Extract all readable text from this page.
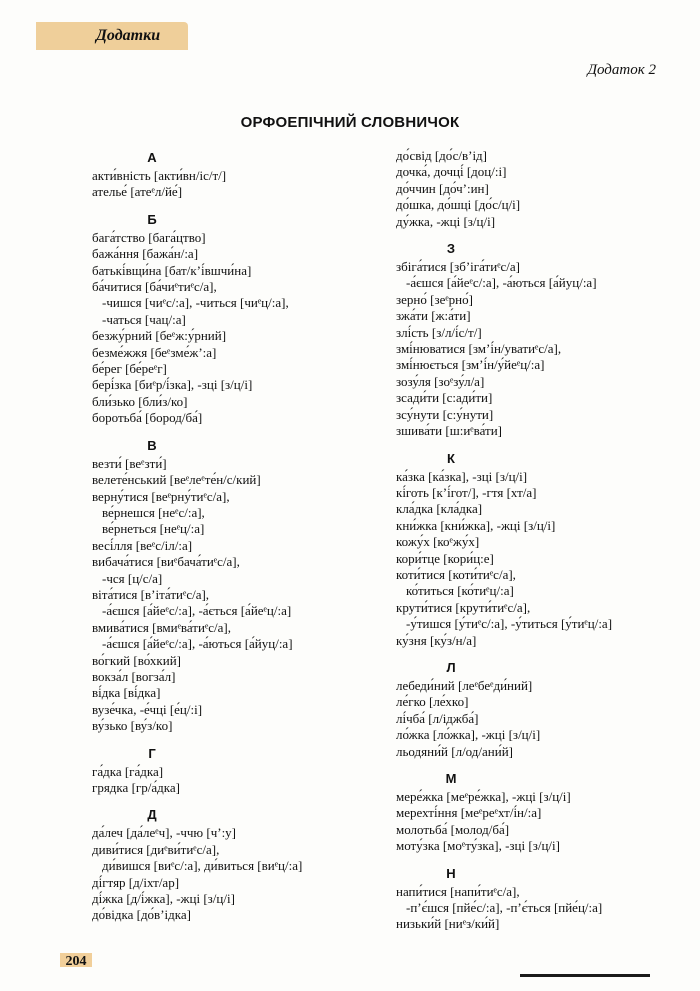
Додатки
Додаток 2
ОРФОЕПІЧНИЙ СЛОВНИЧОК
А
акти́вність [акти́вн/іс/т/]
ателье́ [атеᵉл/йе́]
Б
бага́тство [бага́цтво]
бажа́ння [бажа́н/:а]
батькі́вщи́на [бат/к’і́вшчи́на]
ба́читися [ба́чиᵉтиᵉс/а],
-чишся [чиᵉс/:а], -читься [чиᵉц/:а],
-чаться [чац/:а]
безжу́рний [беᵉж:у́рний]
безме́жжя [беᵉзме́ж’:а]
бе́рег [бе́реᵉг]
бері́зка [биᵉр/і́зка], -зці [з/ц/і]
бли́зько [бли́з/ко]
боротьба́ [бород/ба́]
В
везти́ [веᵉзти́]
велете́нський [веᵉлеᵉте́н/с/кий]
верну́тися [веᵉрну́тиᵉс/а],
ве́рнешся [неᵉс/:а],
ве́рнеться [неᵉц/:а]
весі́лля [веᵉс/іл/:а]
вибача́тися [виᵉбача́тиᵉс/а],
-чся [ц/с/а]
віта́тися [в’іта́тиᵉс/а],
-а́єшся [а́йеᵉс/:а], -а́ється [а́йеᵉц/:а]
вмива́тися [вмиᵉва́тиᵉс/а],
-а́єшся [а́йеᵉс/:а], -а́ються [а́йуц/:а]
во́гкий [во́хкий]
вокза́л [вогза́л]
ві́дка [ві́дка]
вузе́чка, -е́чці [е́ц/:і]
ву́зько [ву́з/ко]
Г
га́дка [га́дка]
грядка [гр/а́дка]
Д
да́леч [да́леᵉч], -ччю [ч’:у]
диви́тися [диᵉви́тиᵉс/а],
ди́вишся [виᵉс/:а], ди́виться [виᵉц/:а]
ді́гтяр [д/іхт/ар]
ді́жка [д/і́жка], -жці [з/ц/і]
до́відка [до́в’ідка]
до́свід [до́с/в’ід]
дочка́, дочці́ [доц/:і]
до́ччин [до́ч’:ин]
до́шка, до́шці [до́с/ц/і]
ду́жка, -жці [з/ц/і]
З
збіга́тися [зб’іга́тиᵉс/а]
-а́єшся [а́йеᵉс/:а], -а́ються [а́йуц/:а]
зерно́ [зеᵉрно́]
зжа́ти [ж:а́ти]
злі́сть [з/л/і́с/т/]
змі́нюватися [зм’і́н/уватиᵉс/а],
змі́нюється [зм’і́н/у́йеᵉц/:а]
зозу́ля [зоᵉзу́л/а]
зсади́ти [с:ади́ти]
зсу́нути [с:у́нути]
зшива́ти [ш:иᵉва́ти]
К
ка́зка [ка́зка], -зці [з/ц/і]
кі́готь [к’і́гот/], -гтя [хт/а]
кла́дка [кла́дка]
кни́жка [кни́жка], -жці [з/ц/і]
кожу́х [коᵉжу́х]
кори́тце [кори́ц:е]
коти́тися [коти́тиᵉс/а],
ко́титься [ко́тиᵉц/:а]
крути́тися [крути́тиᵉс/а],
-у́тишся [у́тиᵉс/:а], -у́титься [у́тиᵉц/:а]
ку́зня [ку́з/н/а]
Л
лебеди́ний [леᵉбеᵉди́ний]
ле́гко [ле́хко]
лі́чба́ [л/іджба́]
ло́жка [ло́жка], -жці [з/ц/і]
льодяни́й [л/од/ани́й]
М
мере́жка [меᵉре́жка], -жці [з/ц/і]
мерехті́ння [меᵉреᵉхт/і́н/:а]
молотьба́ [молод/ба́]
моту́зка [моᵉту́зка], -зці [з/ц/і]
Н
напи́тися [напи́тиᵉс/а],
-п’є́шся [пйе́с/:а], -п’є́ться [пйе́ц/:а]
низьки́й [ниᵉз/ки́й]
204
